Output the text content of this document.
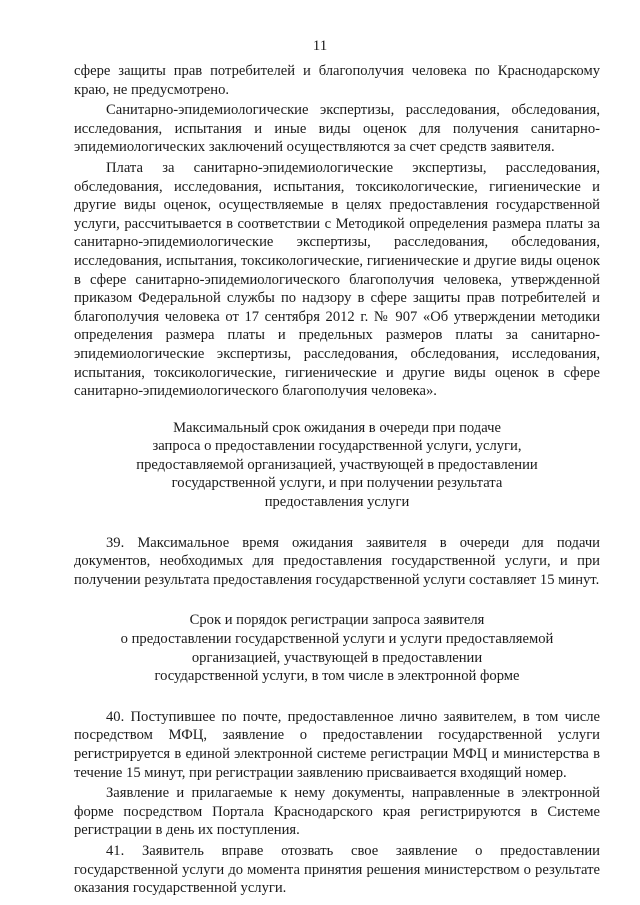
11

сфере защиты прав потребителей и благополучия человека по Краснодарскому краю, не предусмотрено.

Санитарно-эпидемиологические экспертизы, расследования, обследования, исследования, испытания и иные виды оценок для получения санитарно-эпидемиологических заключений осуществляются за счет средств заявителя.

Плата за санитарно-эпидемиологические экспертизы, расследования, обследования, исследования, испытания, токсикологические, гигиенические и другие виды оценок, осуществляемые в целях предоставления государственной услуги, рассчитывается в соответствии с Методикой определения размера платы за санитарно-эпидемиологические экспертизы, расследования, обследования, исследования, испытания, токсикологические, гигиенические и другие виды оценок в сфере санитарно-эпидемиологического благополучия человека, утвержденной приказом Федеральной службы по надзору в сфере защиты прав потребителей и благополучия человека от 17 сентября 2012 г. № 907 «Об утверждении методики определения размера платы и предельных размеров платы за санитарно-эпидемиологические экспертизы, расследования, обследования, исследования, испытания, токсикологические, гигиенические и другие виды оценок в сфере санитарно-эпидемиологического благополучия человека».

Максимальный срок ожидания в очереди при подаче
запроса о предоставлении государственной услуги, услуги,
предоставляемой организацией, участвующей в предоставлении
государственной услуги, и при получении результата
предоставления услуги

39. Максимальное время ожидания заявителя в очереди для подачи документов, необходимых для предоставления государственной услуги, и при получении результата предоставления государственной услуги составляет 15 минут.

Срок и порядок регистрации запроса заявителя
о предоставлении государственной услуги и услуги предоставляемой
организацией, участвующей в предоставлении
государственной услуги, в том числе в электронной форме

40. Поступившее по почте, предоставленное лично заявителем, в том числе посредством МФЦ, заявление о предоставлении государственной услуги регистрируется в единой электронной системе регистрации МФЦ и министерства в течение 15 минут, при регистрации заявлению присваивается входящий номер.

Заявление и прилагаемые к нему документы, направленные в электронной форме посредством Портала Краснодарского края регистрируются в Системе регистрации в день их поступления.

41. Заявитель вправе отозвать свое заявление о предоставлении государственной услуги до момента принятия решения министерством о результате оказания государственной услуги.
